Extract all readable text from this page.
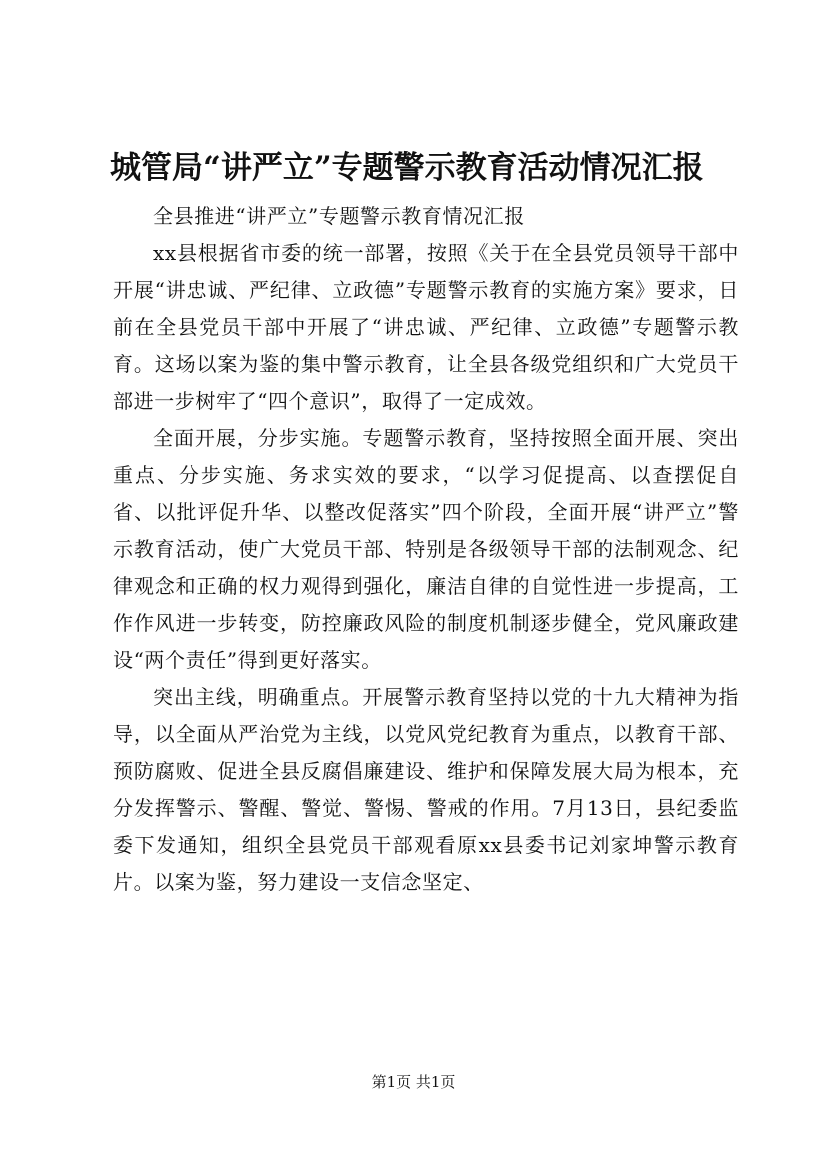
城管局“讲严立”专题警示教育活动情况汇报

全县推进“讲严立”专题警示教育情况汇报

xx县根据省市委的统一部署，按照《关于在全县党员领导干部中开展“讲忠诚、严纪律、立政德”专题警示教育的实施方案》要求，日前在全县党员干部中开展了“讲忠诚、严纪律、立政德”专题警示教育。这场以案为鉴的集中警示教育，让全县各级党组织和广大党员干部进一步树牢了“四个意识”，取得了一定成效。

全面开展，分步实施。专题警示教育，坚持按照全面开展、突出重点、分步实施、务求实效的要求，“以学习促提高、以查摆促自省、以批评促升华、以整改促落实”四个阶段，全面开展“讲严立”警示教育活动，使广大党员干部、特别是各级领导干部的法制观念、纪律观念和正确的权力观得到强化，廉洁自律的自觉性进一步提高，工作作风进一步转变，防控廉政风险的制度机制逐步健全，党风廉政建设“两个责任”得到更好落实。

突出主线，明确重点。开展警示教育坚持以党的十九大精神为指导，以全面从严治党为主线，以党风党纪教育为重点，以教育干部、预防腐败、促进全县反腐倡廉建设、维护和保障发展大局为根本，充分发挥警示、警醒、警觉、警惕、警戒的作用。7月13日，县纪委监委下发通知，组织全县党员干部观看原xx县委书记刘家坤警示教育片。以案为鉴，努力建设一支信念坚定、

第1页 共1页
